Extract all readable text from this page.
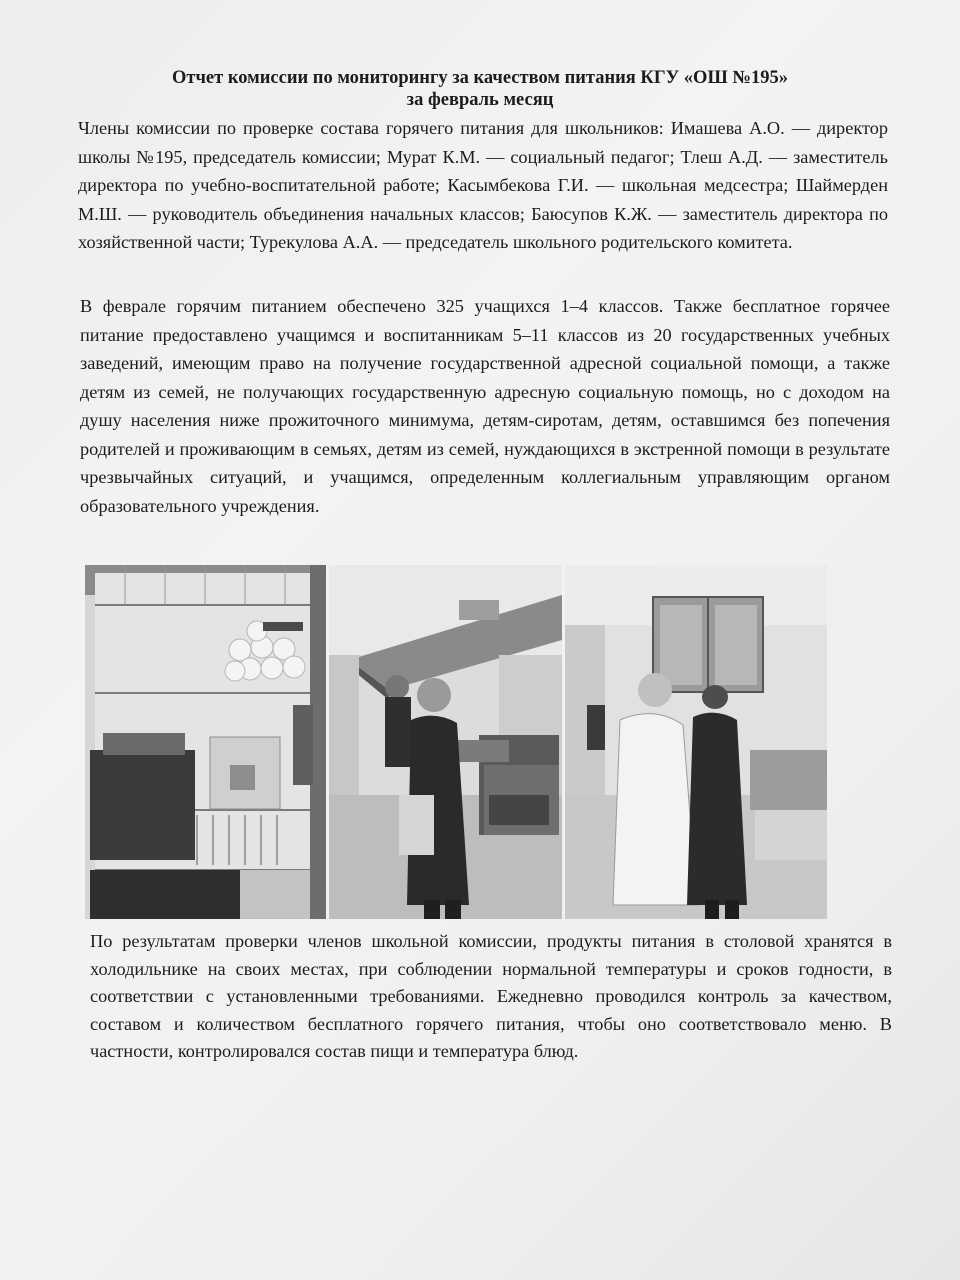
Отчет комиссии по мониторингу за качеством питания КГУ «ОШ №195»
за февраль месяц

Члены комиссии по проверке состава горячего питания для школьников: Имашева А.О. — директор школы №195, председатель комиссии; Мурат К.М. — социальный педагог; Тлеш А.Д. — заместитель директора по учебно-воспитательной работе; Касымбекова Г.И. — школьная медсестра; Шаймерден М.Ш. — руководитель объединения начальных классов; Баюсупов К.Ж. — заместитель директора по хозяйственной части; Турекулова А.А. — председатель школьного родительского комитета.

В феврале горячим питанием обеспечено 325 учащихся 1–4 классов. Также бесплатное горячее питание предоставлено учащимся и воспитанникам 5–11 классов из 20 государственных учебных заведений, имеющим право на получение государственной адресной социальной помощи, а также детям из семей, не получающих государственную адресную социальную помощь, но с доходом на душу населения ниже прожиточного минимума, детям-сиротам, детям, оставшимся без попечения родителей и проживающим в семьях, детям из семей, нуждающихся в экстренной помощи в результате чрезвычайных ситуаций, и учащимся, определенным коллегиальным управляющим органом образовательного учреждения.

По результатам проверки членов школьной комиссии, продукты питания в столовой хранятся в холодильнике на своих местах, при соблюдении нормальной температуры и сроков годности, в соответствии с установленными требованиями. Ежедневно проводился контроль за качеством, составом и количеством бесплатного горячего питания, чтобы оно соответствовало меню. В частности, контролировался состав пищи и температура блюд.
